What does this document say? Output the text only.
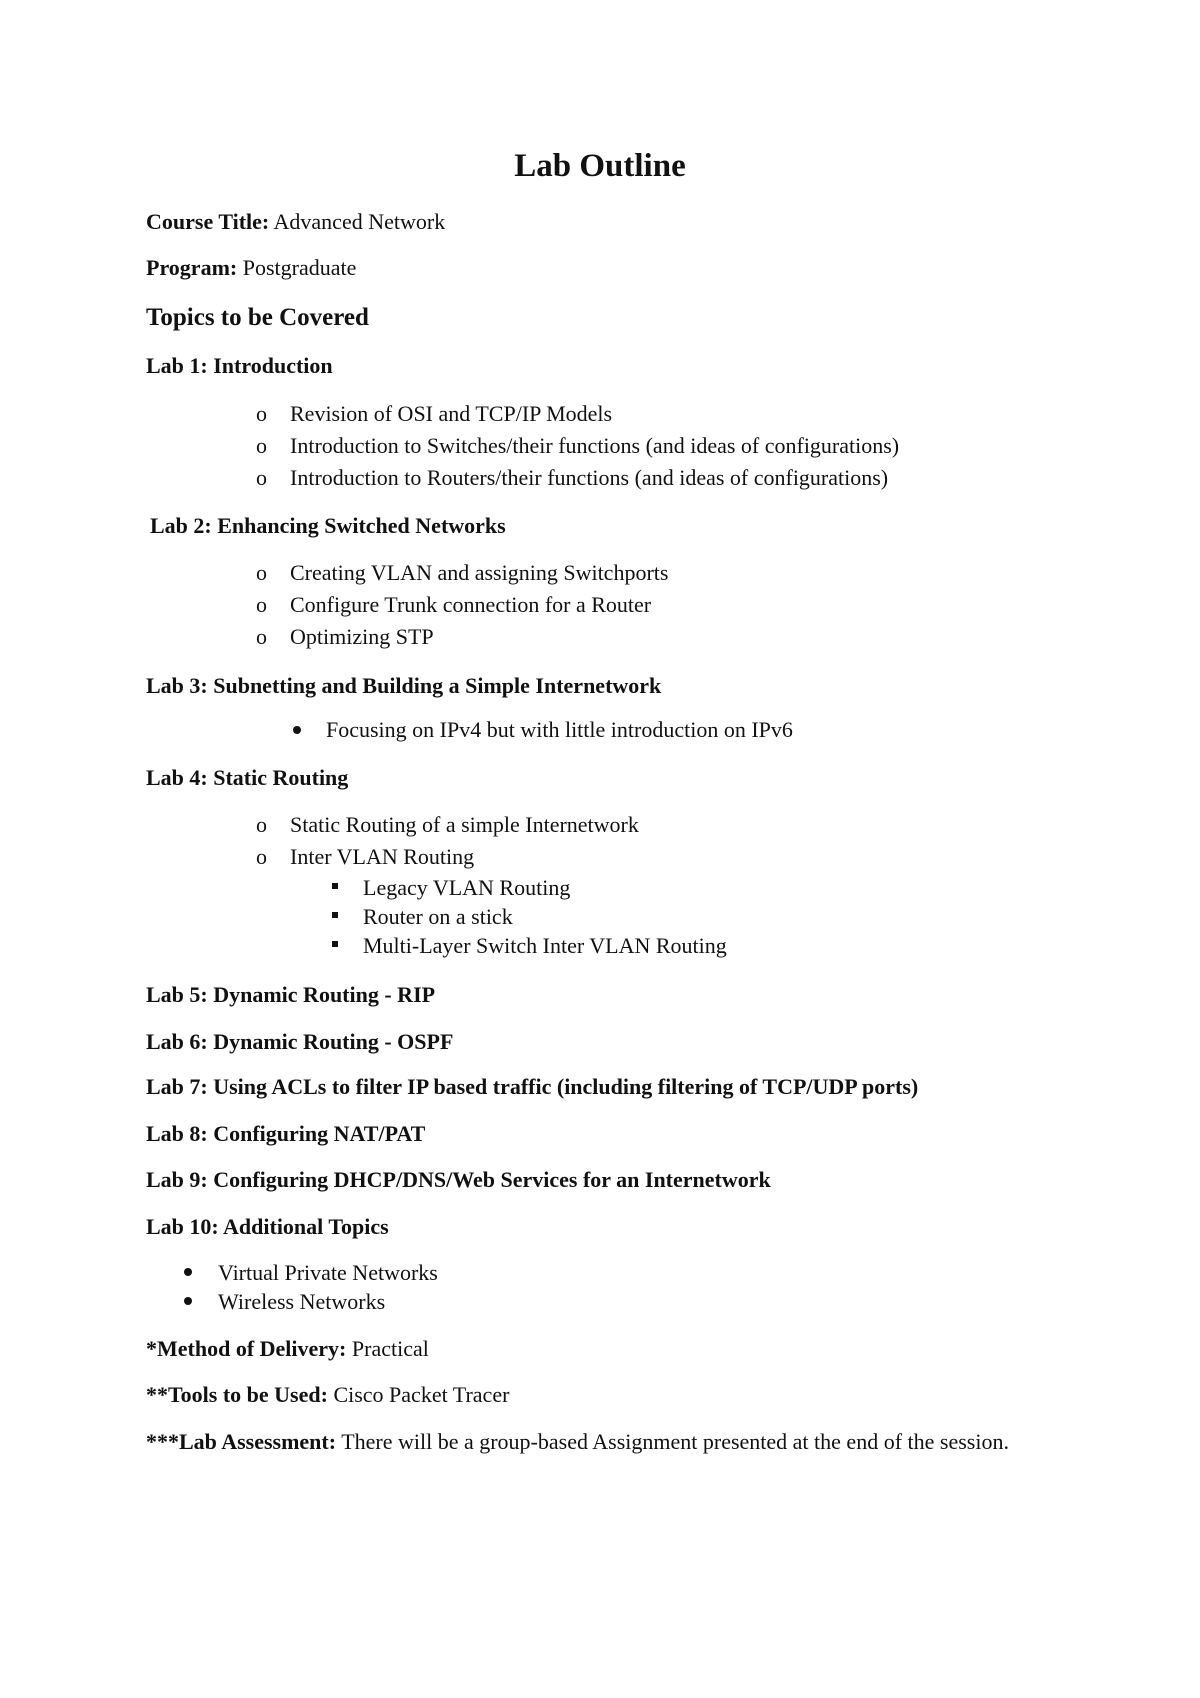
Lab Outline
Course Title: Advanced Network
Program: Postgraduate
Topics to be Covered
Lab 1: Introduction
o Revision of OSI and TCP/IP Models
o Introduction to Switches/their functions (and ideas of configurations)
o Introduction to Routers/their functions (and ideas of configurations)
Lab 2: Enhancing Switched Networks
o Creating VLAN and assigning Switchports
o Configure Trunk connection for a Router
o Optimizing STP
Lab 3: Subnetting and Building a Simple Internetwork
Focusing on IPv4 but with little introduction on IPv6
Lab 4: Static Routing
o Static Routing of a simple Internetwork
o Inter VLAN Routing
Legacy VLAN Routing
Router on a stick
Multi-Layer Switch Inter VLAN Routing
Lab 5: Dynamic Routing - RIP
Lab 6: Dynamic Routing - OSPF
Lab 7: Using ACLs to filter IP based traffic (including filtering of TCP/UDP ports)
Lab 8: Configuring NAT/PAT
Lab 9: Configuring DHCP/DNS/Web Services for an Internetwork
Lab 10: Additional Topics
Virtual Private Networks
Wireless Networks
*Method of Delivery: Practical
**Tools to be Used: Cisco Packet Tracer
***Lab Assessment: There will be a group-based Assignment presented at the end of the session.
